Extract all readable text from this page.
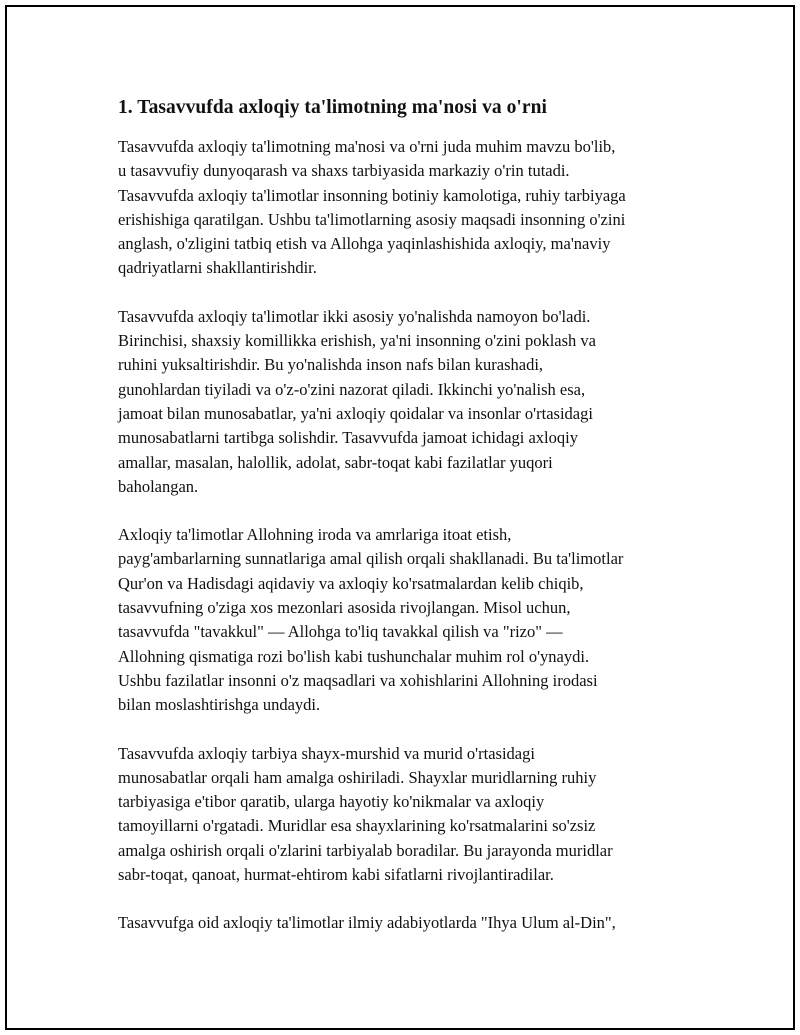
1. Tasavvufda axloqiy ta'limotning ma'nosi va o'rni

Tasavvufda axloqiy ta'limotning ma'nosi va o'rni juda muhim mavzu bo'lib,
u tasavvufiy dunyoqarash va shaxs tarbiyasida markaziy o'rin tutadi.
Tasavvufda axloqiy ta'limotlar insonning botiniy kamolotiga, ruhiy tarbiyaga
erishishiga qaratilgan. Ushbu ta'limotlarning asosiy maqsadi insonning o'zini
anglash, o'zligini tatbiq etish va Allohga yaqinlashishida axloqiy, ma'naviy
qadriyatlarni shakllantirishdir.

Tasavvufda axloqiy ta'limotlar ikki asosiy yo'nalishda namoyon bo'ladi.
Birinchisi, shaxsiy komillikka erishish, ya'ni insonning o'zini poklash va
ruhini yuksaltirishdir. Bu yo'nalishda inson nafs bilan kurashadi,
gunohlardan tiyiladi va o'z-o'zini nazorat qiladi. Ikkinchi yo'nalish esa,
jamoat bilan munosabatlar, ya'ni axloqiy qoidalar va insonlar o'rtasidagi
munosabatlarni tartibga solishdir. Tasavvufda jamoat ichidagi axloqiy
amallar, masalan, halollik, adolat, sabr-toqat kabi fazilatlar yuqori
baholangan.

Axloqiy ta'limotlar Allohning iroda va amrlariga itoat etish,
payg'ambarlarning sunnatlariga amal qilish orqali shakllanadi. Bu ta'limotlar
Qur'on va Hadisdagi aqidaviy va axloqiy ko'rsatmalardan kelib chiqib,
tasavvufning o'ziga xos mezonlari asosida rivojlangan. Misol uchun,
tasavvufda "tavakkul" — Allohga to'liq tavakkal qilish va "rizo" —
Allohning qismatiga rozi bo'lish kabi tushunchalar muhim rol o'ynaydi.
Ushbu fazilatlar insonni o'z maqsadlari va xohishlarini Allohning irodasi
bilan moslashtirishga undaydi.

Tasavvufda axloqiy tarbiya shayx-murshid va murid o'rtasidagi
munosabatlar orqali ham amalga oshiriladi. Shayxlar muridlarning ruhiy
tarbiyasiga e'tibor qaratib, ularga hayotiy ko'nikmalar va axloqiy
tamoyillarni o'rgatadi. Muridlar esa shayxlarining ko'rsatmalarini so'zsiz
amalga oshirish orqali o'zlarini tarbiyalab boradilar. Bu jarayonda muridlar
sabr-toqat, qanoat, hurmat-ehtirom kabi sifatlarni rivojlantiradilar.

Tasavvufga oid axloqiy ta'limotlar ilmiy adabiyotlarda "Ihya Ulum al-Din",
